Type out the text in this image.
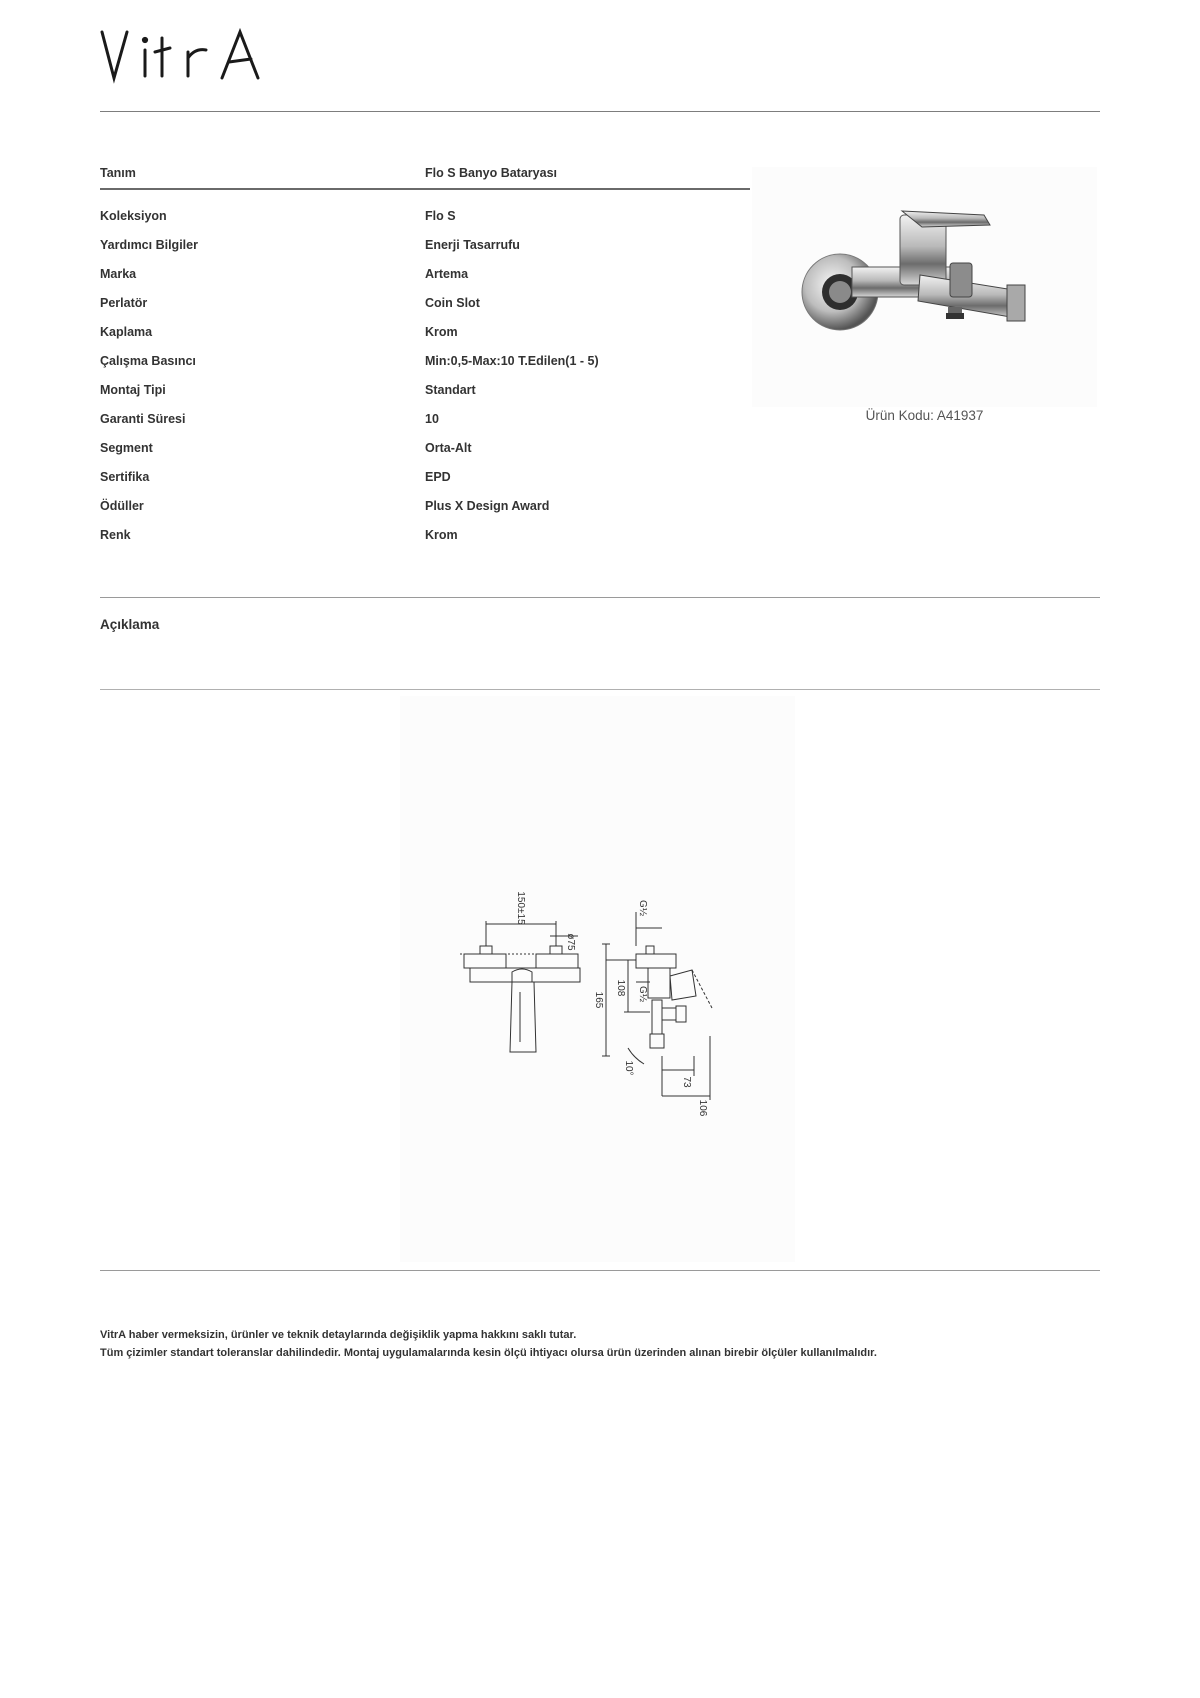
Tanım	Flo S Banyo Bataryası
Koleksiyon	Flo S
Yardımcı Bilgiler	Enerji Tasarrufu
Marka	Artema
Perlatör	Coin Slot
Kaplama	Krom
Çalışma Basıncı	Min:0,5-Max:10 T.Edilen(1 - 5)
Montaj Tipi	Standart
Garanti Süresi	10
Segment	Orta-Alt
Sertifika	EPD
Ödüller	Plus X Design Award
Renk	Krom
Ürün Kodu: A41937
Açıklama
150±15
ø75
G½
108
165	G½
10°
73
106
VitrA haber vermeksizin, ürünler ve teknik detaylarında değişiklik yapma hakkını saklı tutar.
Tüm çizimler standart toleranslar dahilindedir. Montaj uygulamalarında kesin ölçü ihtiyacı olursa ürün üzerinden alınan birebir ölçüler kullanılmalıdır.
